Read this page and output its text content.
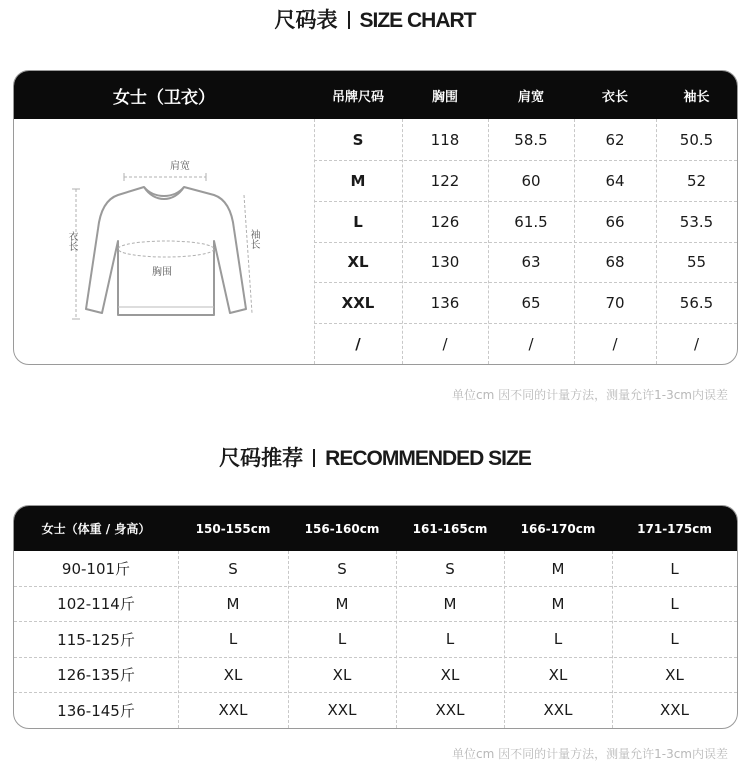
尺码表 SIZE CHART
女士（卫衣）	吊牌尺码	胸围	肩宽	衣长	袖长
肩宽
衣长	袖长
胸围
S	118	58.5	62	50.5
M	122	60	64	52
L	126	61.5	66	53.5
XL	130	63	68	55
XXL	136	65	70	56.5
/	/	/	/	/
单位cm 因不同的计量方法，测量允许1-3cm内误差
尺码推荐 RECOMMENDED SIZE
女士（体重 / 身高）	150-155cm	156-160cm	161-165cm	166-170cm	171-175cm
90-101斤	S	S	S	M	L
102-114斤	M	M	M	M	L
115-125斤	L	L	L	L	L
126-135斤	XL	XL	XL	XL	XL
136-145斤	XXL	XXL	XXL	XXL	XXL
单位cm 因不同的计量方法，测量允许1-3cm内误差
